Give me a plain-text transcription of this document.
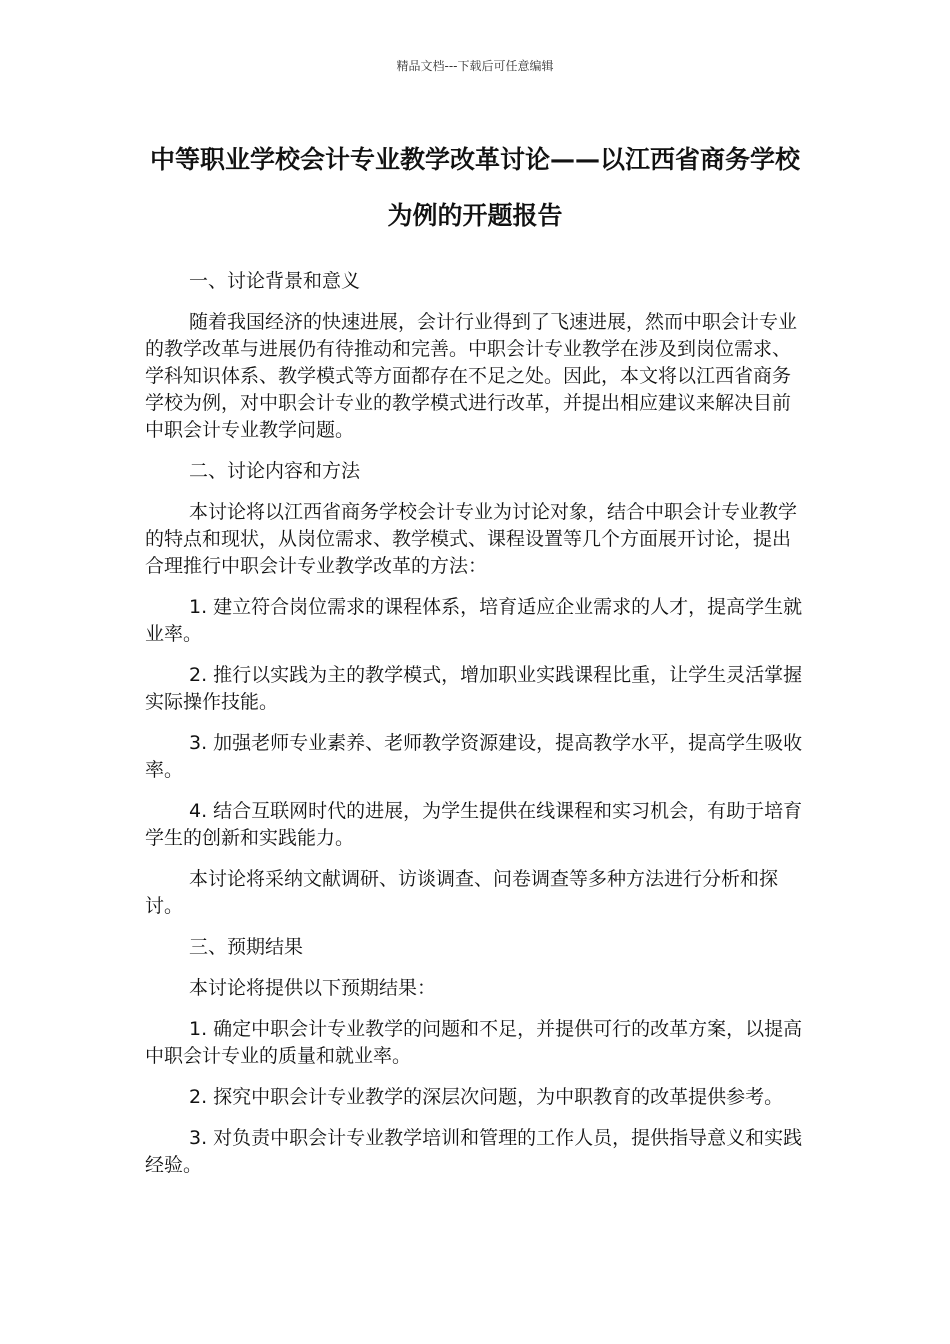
精品文档---下载后可任意编辑
中等职业学校会计专业教学改革讨论——以江西省商务学校为例的开题报告

一、讨论背景和意义

随着我国经济的快速进展，会计行业得到了飞速进展，然而中职会计专业的教学改革与进展仍有待推动和完善。中职会计专业教学在涉及到岗位需求、学科知识体系、教学模式等方面都存在不足之处。因此，本文将以江西省商务学校为例，对中职会计专业的教学模式进行改革，并提出相应建议来解决目前中职会计专业教学问题。

二、讨论内容和方法

本讨论将以江西省商务学校会计专业为讨论对象，结合中职会计专业教学的特点和现状，从岗位需求、教学模式、课程设置等几个方面展开讨论，提出合理推行中职会计专业教学改革的方法：

1. 建立符合岗位需求的课程体系，培育适应企业需求的人才，提高学生就业率。

2. 推行以实践为主的教学模式，增加职业实践课程比重，让学生灵活掌握实际操作技能。

3. 加强老师专业素养、老师教学资源建设，提高教学水平，提高学生吸收率。

4. 结合互联网时代的进展，为学生提供在线课程和实习机会，有助于培育学生的创新和实践能力。

本讨论将采纳文献调研、访谈调查、问卷调查等多种方法进行分析和探讨。

三、预期结果

本讨论将提供以下预期结果：

1. 确定中职会计专业教学的问题和不足，并提供可行的改革方案，以提高中职会计专业的质量和就业率。

2. 探究中职会计专业教学的深层次问题，为中职教育的改革提供参考。

3. 对负责中职会计专业教学培训和管理的工作人员，提供指导意义和实践经验。
